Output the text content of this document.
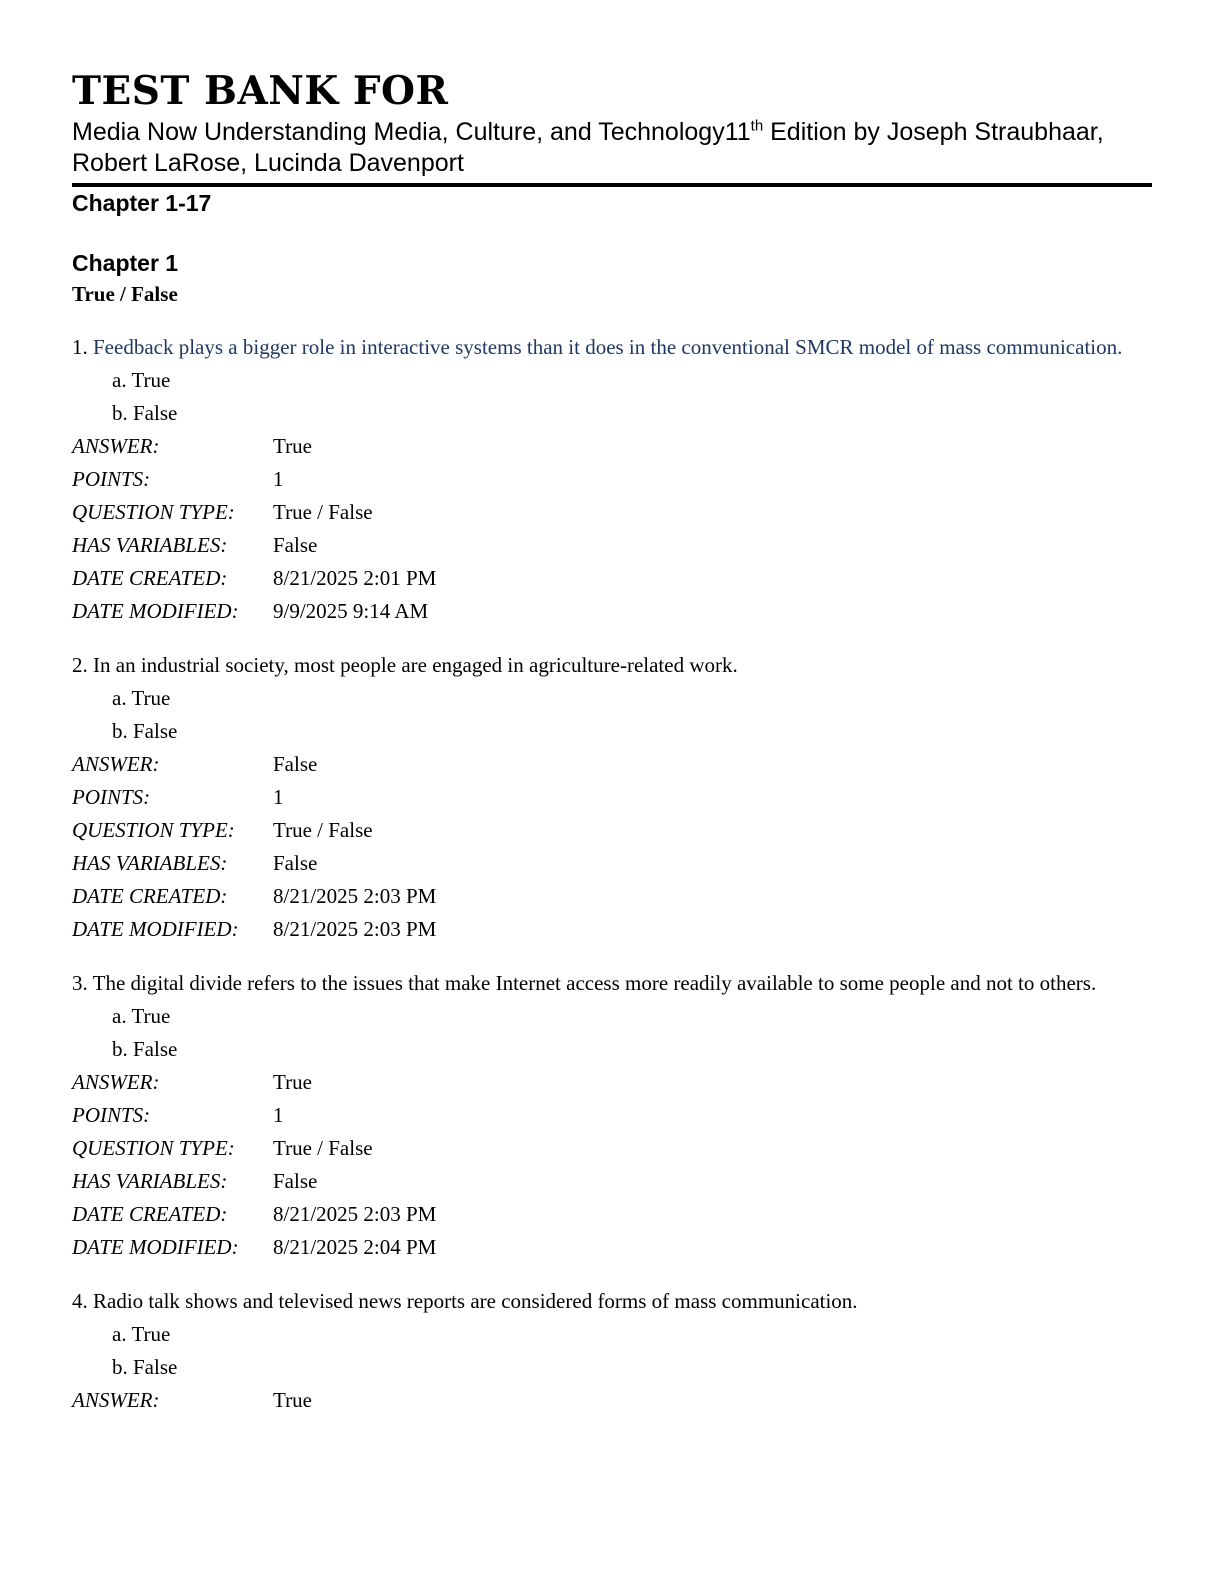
TEST BANK FOR

Media Now Understanding Media, Culture, and Technology11th Edition by Joseph Straubhaar, Robert LaRose, Lucinda Davenport

Chapter 1-17

Chapter 1

True / False

1. Feedback plays a bigger role in interactive systems than it does in the conventional SMCR model of mass communication.

a. True
b. False
ANSWER:	True
POINTS:	1
QUESTION TYPE:	True / False
HAS VARIABLES:	False
DATE CREATED:	8/21/2025 2:01 PM
DATE MODIFIED:	9/9/2025 9:14 AM

2. In an industrial society, most people are engaged in agriculture-related work.

a. True
b. False
ANSWER:	False
POINTS:	1
QUESTION TYPE:	True / False
HAS VARIABLES:	False
DATE CREATED:	8/21/2025 2:03 PM
DATE MODIFIED:	8/21/2025 2:03 PM

3. The digital divide refers to the issues that make Internet access more readily available to some people and not to others.

a. True
b. False
ANSWER:	True
POINTS:	1
QUESTION TYPE:	True / False
HAS VARIABLES:	False
DATE CREATED:	8/21/2025 2:03 PM
DATE MODIFIED:	8/21/2025 2:04 PM

4. Radio talk shows and televised news reports are considered forms of mass communication.

a. True
b. False
ANSWER:	True
